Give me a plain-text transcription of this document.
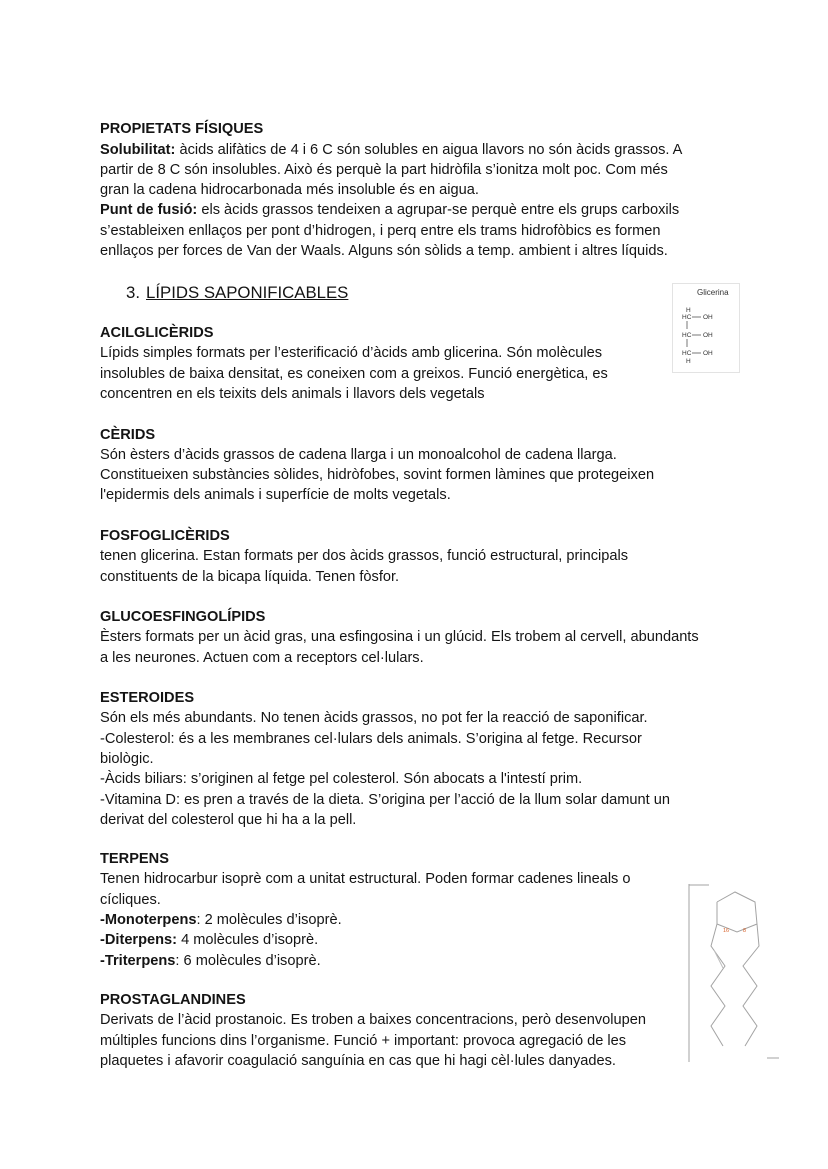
PROPIETATS FÍSIQUES
Solubilitat: àcids alifàtics de 4 i 6 C són solubles en aigua llavors no són àcids grassos. A
partir de 8 C són insolubles. Això és perquè la part hidròfila s’ionitza molt poc. Com més
gran la cadena hidrocarbonada més insoluble és en aigua.
Punt de fusió: els àcids grassos tendeixen a agrupar-se perquè entre els grups carboxils
s’estableixen enllaços per pont d’hidrogen, i perq entre els trams hidrofòbics es formen
enllaços per forces de Van der Waals. Alguns són sòlids a temp. ambient i altres líquids.
3. LÍPIDS SAPONIFICABLES	Glicerina
H
HC OH
HC OH
HC OH
H
ACILGLICÈRIDS
Lípids simples formats per l’esterificació d’àcids amb glicerina. Són molècules
insolubles de baixa densitat, es coneixen com a greixos. Funció energètica, es
concentren en els teixits dels animals i llavors dels vegetals
CÈRIDS
Són èsters d’àcids grassos de cadena llarga i un monoalcohol de cadena llarga.
Constitueixen substàncies sòlides, hidròfobes, sovint formen làmines que protegeixen
l'epidermis dels animals i superfície de molts vegetals.
FOSFOGLICÈRIDS
tenen glicerina. Estan formats per dos àcids grassos, funció estructural, principals
constituents de la bicapa líquida. Tenen fòsfor.
GLUCOESFINGOLÍPIDS
Èsters formats per un àcid gras, una esfingosina i un glúcid. Els trobem al cervell, abundants
a les neurones. Actuen com a receptors cel·lulars.
ESTEROIDES
Són els més abundants. No tenen àcids grassos, no pot fer la reacció de saponificar.
-Colesterol: és a les membranes cel·lulars dels animals. S’origina al fetge. Recursor
biològic.
-Àcids biliars: s’originen al fetge pel colesterol. Són abocats a l'intestí prim.
-Vitamina D: es pren a través de la dieta. S’origina per l’acció de la llum solar damunt un
derivat del colesterol que hi ha a la pell.
TERPENS
Tenen hidrocarbur isoprè com a unitat estructural. Poden formar cadenes lineals o
cícliques.
-Monoterpens: 2 molècules d’isoprè.
-Diterpens: 4 molècules d’isoprè.
-Triterpens: 6 molècules d’isoprè.
PROSTAGLANDINES
Derivats de l’àcid prostanoic. Es troben a baixes concentracions, però desenvolupen
múltiples funcions dins l’organisme. Funció + important: provoca agregació de les
plaquetes i afavorir coagulació sanguínia en cas que hi hagi cèl·lules danyades.
16	8
